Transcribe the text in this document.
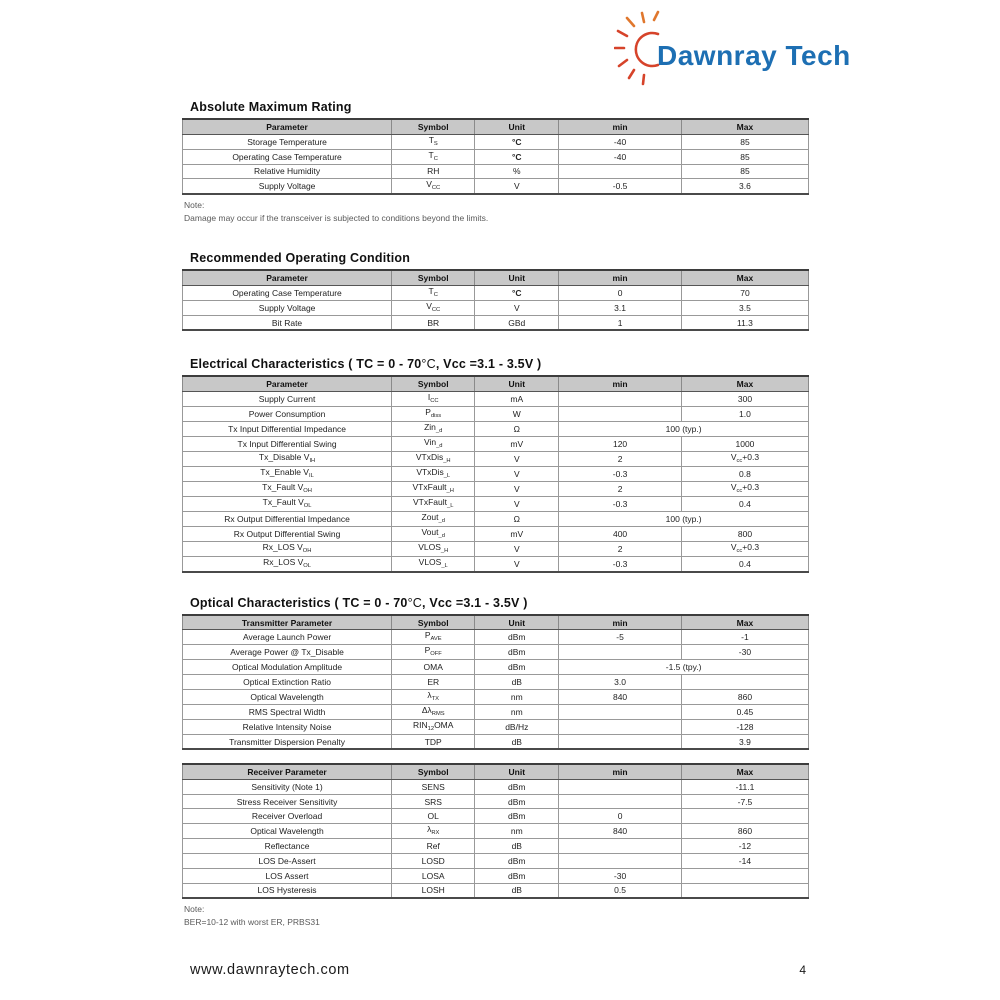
Dawnray Tech
Absolute Maximum Rating
Parameter	Symbol	Unit	min	Max
Storage Temperature	$T_S$	°C	-40	85
Operating Case Temperature	$T_C$	°C	-40	85
Relative Humidity	RH	%		85
Supply Voltage	$V_{CC}$	V	-0.5	3.6
Note:
Damage may occur if the transceiver is subjected to conditions beyond the limits.
Recommended Operating Condition
Parameter	Symbol	Unit	min	Max
Operating Case Temperature	$T_C$	°C	0	70
Supply Voltage	$V_{CC}$	V	3.1	3.5
Bit Rate	BR	GBd	1	11.3
Electrical Characteristics ( TC = 0 - 70°C, Vcc =3.1 - 3.5V )
Parameter	Symbol	Unit	min	Max
Supply Current	$I_{CC}$	mA		300
Power Consumption	$P_{diss}$	W		1.0
Tx Input Differential Impedance	Zin$_{\_d}$	Ω	100 (typ.)	
Tx Input Differential Swing	Vin$_{\_d}$	mV	120	1000
Tx_Disable $V_{IH}$	VTxDis$_{\_H}$	V	2	$V_{cc}+0.3$
Tx_Enable $V_{IL}$	VTxDis$_{\_L}$	V	-0.3	0.8
Tx_Fault $V_{OH}$	VTxFault$_{\_H}$	V	2	$V_{cc}+0.3$
Tx_Fault $V_{OL}$	VTxFault$_{\_L}$	V	-0.3	0.4
Rx Output Differential Impedance	Zout$_{\_d}$	Ω	100 (typ.)	
Rx Output Differential Swing	Vout$_{\_d}$	mV	400	800
Rx_LOS $V_{OH}$	$VLOS_{\_H}$	V	2	$V_{cc}+0.3$
Rx_LOS $V_{OL}$	$VLOS_{\_L}$	V	-0.3	0.4
Optical Characteristics ( TC = 0 - 70°C, Vcc =3.1 - 3.5V )
Transmitter Parameter	Symbol	Unit	min	Max
Average Launch Power	$P_{AVE}$	dBm	-5	-1
Average Power @ Tx_Disable	$P_{OFF}$	dBm		-30
Optical Modulation Amplitude	OMA	dBm	-1.5 (tpy.)	
Optical Extinction Ratio	ER	dB	3.0	
Optical Wavelength	$\lambda_{TX}$	nm	840	860
RMS Spectral Width	$\Delta\lambda_{RMS}$	nm		0.45
Relative Intensity Noise	$RIN_{12}OMA$	dB/Hz		-128
Transmitter Dispersion Penalty	TDP	dB		3.9
Receiver Parameter	Symbol	Unit	min	Max
Sensitivity (Note 1)	SENS	dBm		-11.1
Stress Receiver Sensitivity	SRS	dBm		-7.5
Receiver Overload	OL	dBm	0	
Optical Wavelength	$\lambda_{RX}$	nm	840	860
Reflectance	Ref	dB		-12
LOS De-Assert	LOSD	dBm		-14
LOS Assert	LOSA	dBm	-30	
LOS Hysteresis	LOSH	dB	0.5	
Note:
BER=10-12 with worst ER, PRBS31
www.dawnraytech.com	4
